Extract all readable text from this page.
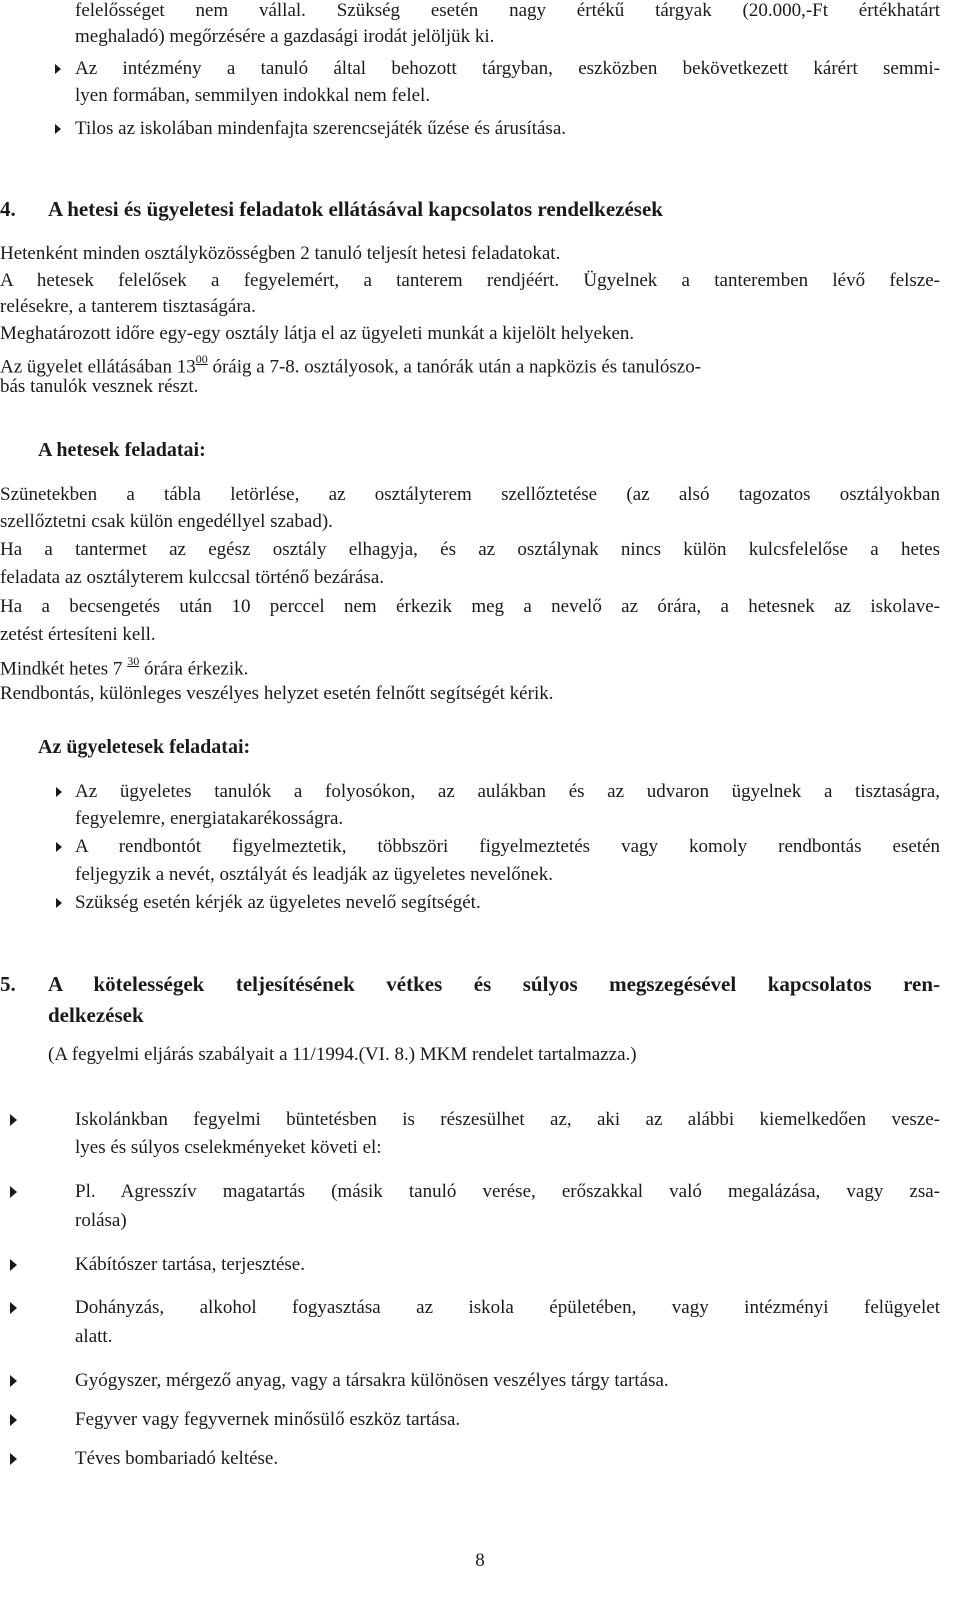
felelősséget nem vállal. Szükség esetén nagy értékű tárgyak (20.000,-Ft értékhatárt
meghaladó) megőrzésére a gazdasági irodát jelöljük ki.
Az intézmény a tanuló által behozott tárgyban, eszközben bekövetkezett kárért semmi-
lyen formában, semmilyen indokkal nem felel.
Tilos az iskolában mindenfajta szerencsejáték űzése és árusítása.
4. A hetesi és ügyeletesi feladatok ellátásával kapcsolatos rendelkezések
Hetenként minden osztályközösségben 2 tanuló teljesít hetesi feladatokat.
A hetesek felelősek a fegyelemért, a tanterem rendjéért. Ügyelnek a tanteremben lévő felsze-
relésekre, a tanterem tisztaságára.
Meghatározott időre egy-egy osztály látja el az ügyeleti munkát a kijelölt helyeken.
Az ügyelet ellátásában $13^{00}$ óráig a 7-8. osztályosok, a tanórák után a napközis és tanulószo-
bás tanulók vesznek részt.
A hetesek feladatai:
Szünetekben a tábla letörlése, az osztályterem szellőztetése (az alsó tagozatos osztályokban
szellőztetni csak külön engedéllyel szabad).
Ha a tantermet az egész osztály elhagyja, és az osztálynak nincs külön kulcsfelelőse a hetes
feladata az osztályterem kulccsal történő bezárása.
Ha a becsengetés után 10 perccel nem érkezik meg a nevelő az órára, a hetesnek az iskolave-
zetést értesíteni kell.
Mindkét hetes 7 $^{30}$ órára érkezik.
Rendbontás, különleges veszélyes helyzet esetén felnőtt segítségét kérik.
Az ügyeletesek feladatai:
Az ügyeletes tanulók a folyosókon, az aulákban és az udvaron ügyelnek a tisztaságra,
fegyelemre, energiatakarékosságra.
A rendbontót figyelmeztetik, többszöri figyelmeztetés vagy komoly rendbontás esetén
feljegyzik a nevét, osztályát és leadják az ügyeletes nevelőnek.
Szükség esetén kérjék az ügyeletes nevelő segítségét.
5. A kötelességek teljesítésének vétkes és súlyos megszegésével kapcsolatos ren-
delkezések
(A fegyelmi eljárás szabályait a 11/1994.(VI. 8.) MKM rendelet tartalmazza.)
Iskolánkban fegyelmi büntetésben is részesülhet az, aki az alábbi kiemelkedően vesze-
lyes és súlyos cselekményeket követi el:
Pl. Agresszív magatartás (másik tanuló verése, erőszakkal való megalázása, vagy zsa-
rolása)
Kábítószer tartása, terjesztése.
Dohányzás, alkohol fogyasztása az iskola épületében, vagy intézményi felügyelet
alatt.
Gyógyszer, mérgező anyag, vagy a társakra különösen veszélyes tárgy tartása.
Fegyver vagy fegyvernek minősülő eszköz tartása.
Téves bombariadó keltése.
8
